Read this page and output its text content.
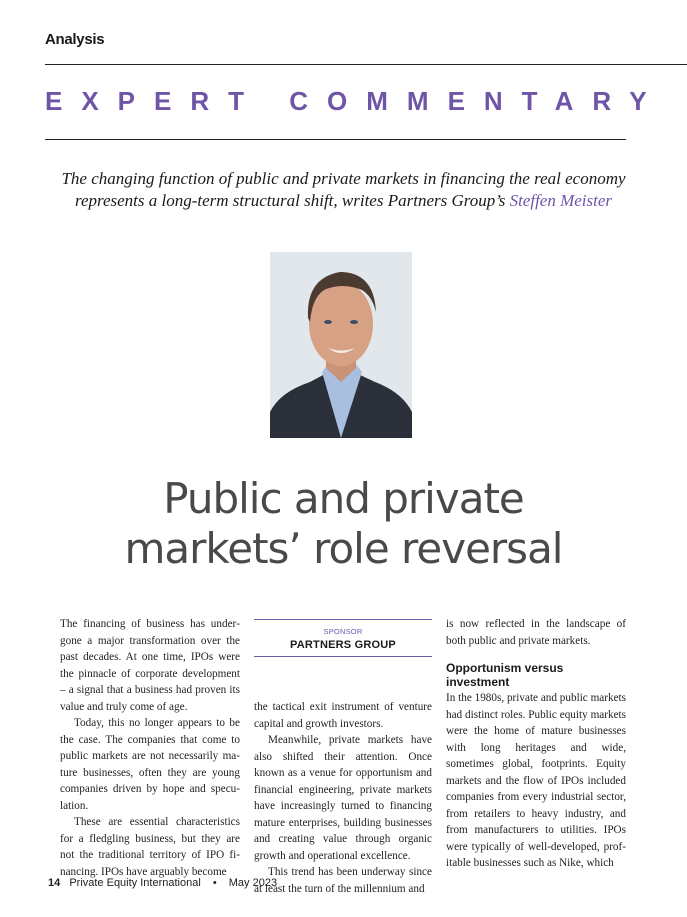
Analysis
EXPERT COMMENTARY
The changing function of public and private markets in financing the real economy
represents a long-term structural shift, writes Partners Group’s Steffen Meister
Public and private
markets’ role reversal

The financing of business has undergone a major transformation over the past decades. At one time, IPOs were the pinnacle of corporate development – a signal that a business had proven its value and truly come of age.

Today, this no longer appears to be the case. The companies that come to public markets are not necessarily mature businesses, often they are young companies driven by hope and speculation.

These are essential characteristics for a fledgling business, but they are not the traditional territory of IPO financing. IPOs have arguably become

SPONSOR
PARTNERS GROUP

the tactical exit instrument of venture capital and growth investors.

Meanwhile, private markets have also shifted their attention. Once known as a venue for opportunism and financial engineering, private markets have increasingly turned to financing mature enterprises, building businesses and creating value through organic growth and operational excellence.

This trend has been underway since at least the turn of the millennium and

is now reflected in the landscape of both public and private markets.

Opportunism versus investment

In the 1980s, private and public markets had distinct roles. Public equity markets were the home of mature businesses with long heritages and wide, sometimes global, footprints. Equity markets and the flow of IPOs included companies from every industrial sector, from retailers to heavy industry, and from manufacturers to utilities. IPOs were typically of well-developed, profitable businesses such as Nike, which

14 Private Equity International • May 2023
